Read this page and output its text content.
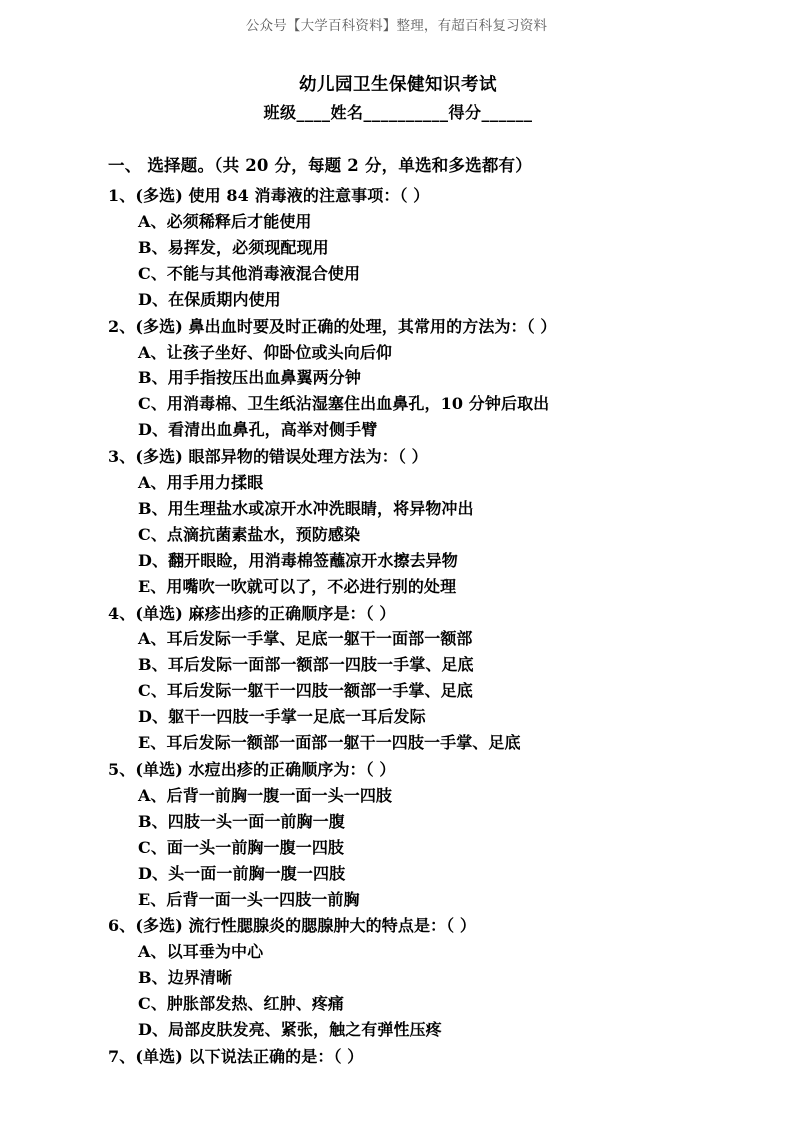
公众号【大学百科资料】整理，有超百科复习资料
幼儿园卫生保健知识考试
班级____姓名__________得分______
一、 选择题。（共 20 分，每题 2 分，单选和多选都有）
1、(多选) 使用 84 消毒液的注意事项：（ ）
A、必须稀释后才能使用
B、易挥发，必须现配现用
C、不能与其他消毒液混合使用
D、在保质期内使用
2、(多选) 鼻出血时要及时正确的处理，其常用的方法为：（ ）
A、让孩子坐好、仰卧位或头向后仰
B、用手指按压出血鼻翼两分钟
C、用消毒棉、卫生纸沾湿塞住出血鼻孔，10 分钟后取出
D、看清出血鼻孔，高举对侧手臂
3、(多选) 眼部异物的错误处理方法为：（ ）
A、用手用力揉眼
B、用生理盐水或凉开水冲洗眼睛，将异物冲出
C、点滴抗菌素盐水，预防感染
D、翻开眼睑，用消毒棉签蘸凉开水擦去异物
E、用嘴吹一吹就可以了，不必进行别的处理
4、(单选) 麻疹出疹的正确顺序是：（ ）
A、耳后发际一手掌、足底一躯干一面部一额部
B、耳后发际一面部一额部一四肢一手掌、足底
C、耳后发际一躯干一四肢一额部一手掌、足底
D、躯干一四肢一手掌一足底一耳后发际
E、耳后发际一额部一面部一躯干一四肢一手掌、足底
5、(单选) 水痘出疹的正确顺序为：（ ）
A、后背一前胸一腹一面一头一四肢
B、四肢一头一面一前胸一腹
C、面一头一前胸一腹一四肢
D、头一面一前胸一腹一四肢
E、后背一面一头一四肢一前胸
6、(多选) 流行性腮腺炎的腮腺肿大的特点是：（ ）
A、以耳垂为中心
B、边界清晰
C、肿胀部发热、红肿、疼痛
D、局部皮肤发亮、紧张，触之有弹性压疼
7、(单选) 以下说法正确的是：（ ）
